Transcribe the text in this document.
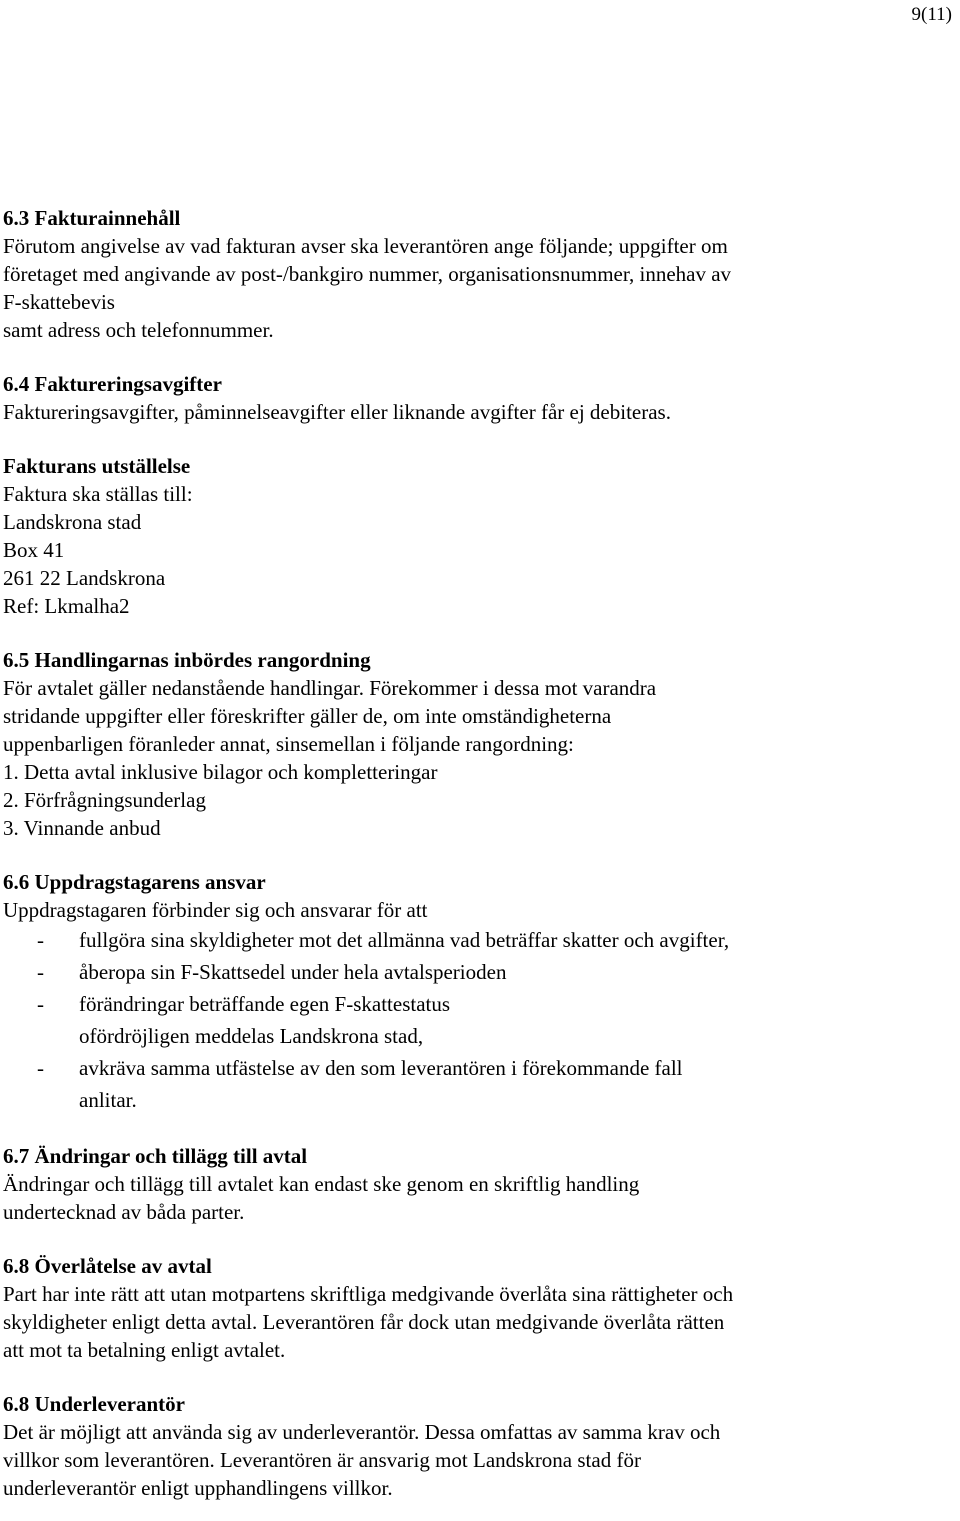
9(11)
6.3 Fakturainnehåll
Förutom angivelse av vad fakturan avser ska leverantören ange följande; uppgifter om
företaget med angivande av post-/bankgiro nummer, organisationsnummer, innehav av
F-skattebevis
samt adress och telefonnummer.
6.4 Faktureringsavgifter
Faktureringsavgifter, påminnelseavgifter eller liknande avgifter får ej debiteras.
Fakturans utställelse
Faktura ska ställas till:
Landskrona stad
Box 41
261 22 Landskrona
Ref: Lkmalha2
6.5 Handlingarnas inbördes rangordning
För avtalet gäller nedanstående handlingar. Förekommer i dessa mot varandra
stridande uppgifter eller föreskrifter gäller de, om inte omständigheterna
uppenbarligen föranleder annat, sinsemellan i följande rangordning:
1. Detta avtal inklusive bilagor och kompletteringar
2. Förfrågningsunderlag
3. Vinnande anbud
6.6 Uppdragstagarens ansvar
Uppdragstagaren förbinder sig och ansvarar för att
- fullgöra sina skyldigheter mot det allmänna vad beträffar skatter och avgifter,
- åberopa sin F-Skattsedel under hela avtalsperioden
- förändringar beträffande egen F-skattestatus
ofördröjligen meddelas Landskrona stad,
- avkräva samma utfästelse av den som leverantören i förekommande fall
anlitar.
6.7 Ändringar och tillägg till avtal
Ändringar och tillägg till avtalet kan endast ske genom en skriftlig handling
undertecknad av båda parter.
6.8 Överlåtelse av avtal
Part har inte rätt att utan motpartens skriftliga medgivande överlåta sina rättigheter och
skyldigheter enligt detta avtal. Leverantören får dock utan medgivande överlåta rätten
att mot ta betalning enligt avtalet.
6.8 Underleverantör
Det är möjligt att använda sig av underleverantör. Dessa omfattas av samma krav och
villkor som leverantören. Leverantören är ansvarig mot Landskrona stad för
underleverantör enligt upphandlingens villkor.
